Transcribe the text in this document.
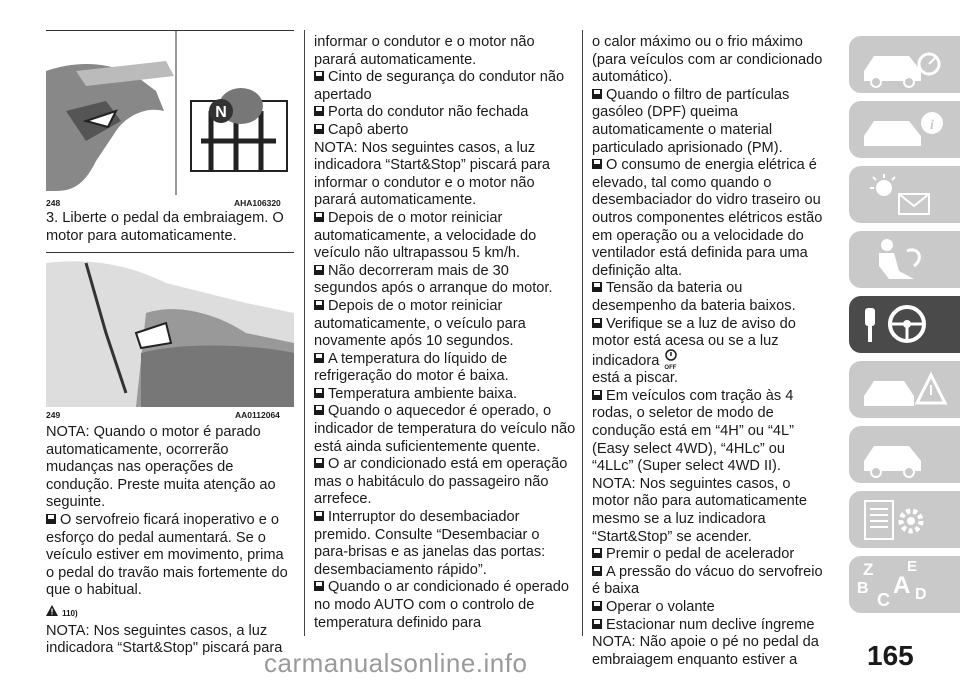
N
248	AHA106320
3. Liberte o pedal da embraiagem. O motor para automaticamente.
249	AA0112064

NOTA: Quando o motor é parado automaticamente, ocorrerão mudanças nas operações de condução. Preste muita atenção ao seguinte.

O servofreio ficará inoperativo e o esforço do pedal aumentará. Se o veículo estiver em movimento, prima o pedal do travão mais fortemente do que o habitual.

110)

NOTA: Nos seguintes casos, a luz indicadora “Start&Stop" piscará para

informar o condutor e o motor não parará automaticamente.

Cinto de segurança do condutor não apertado

Porta do condutor não fechada

Capô aberto

NOTA: Nos seguintes casos, a luz indicadora “Start&Stop” piscará para informar o condutor e o motor não parará automaticamente.

Depois de o motor reiniciar automaticamente, a velocidade do veículo não ultrapassou 5 km/h.

Não decorreram mais de 30 segundos após o arranque do motor.

Depois de o motor reiniciar automaticamente, o veículo para novamente após 10 segundos.

A temperatura do líquido de refrigeração do motor é baixa.

Temperatura ambiente baixa.

Quando o aquecedor é operado, o indicador de temperatura do veículo não está ainda suficientemente quente.

O ar condicionado está em operação mas o habitáculo do passageiro não arrefece.

Interruptor do desembaciador premido. Consulte “Desembaciar o para-brisas e as janelas das portas: desembaciamento rápido”.

Quando o ar condicionado é operado no modo AUTO com o controlo de temperatura definido para

o calor máximo ou o frio máximo (para veículos com ar condicionado automático).

Quando o filtro de partículas gasóleo (DPF) queima automaticamente o material particulado aprisionado (PM).

O consumo de energia elétrica é elevado, tal como quando o desembaciador do vidro traseiro ou outros componentes elétricos estão em operação ou a velocidade do ventilador está definida para uma definição alta.

Tensão da bateria ou desempenho da bateria baixos.

Verifique se a luz de aviso do motor está acesa ou se a luz indicadora OFF

está a piscar.

Em veículos com tração às 4 rodas, o seletor de modo de condução está em “4H” ou “4L” (Easy select 4WD), “4HLc” ou “4LLc” (Super select 4WD II).

NOTA: Nos seguintes casos, o motor não para automaticamente mesmo se a luz indicadora “Start&Stop” se acender.

Premir o pedal de acelerador

A pressão do vácuo do servofreio é baixa

Operar o volante

Estacionar num declive íngreme

NOTA: Não apoie o pé no pedal da embraiagem enquanto estiver a

i
Z E
B
C
A D
carmanualsonline.info	165
